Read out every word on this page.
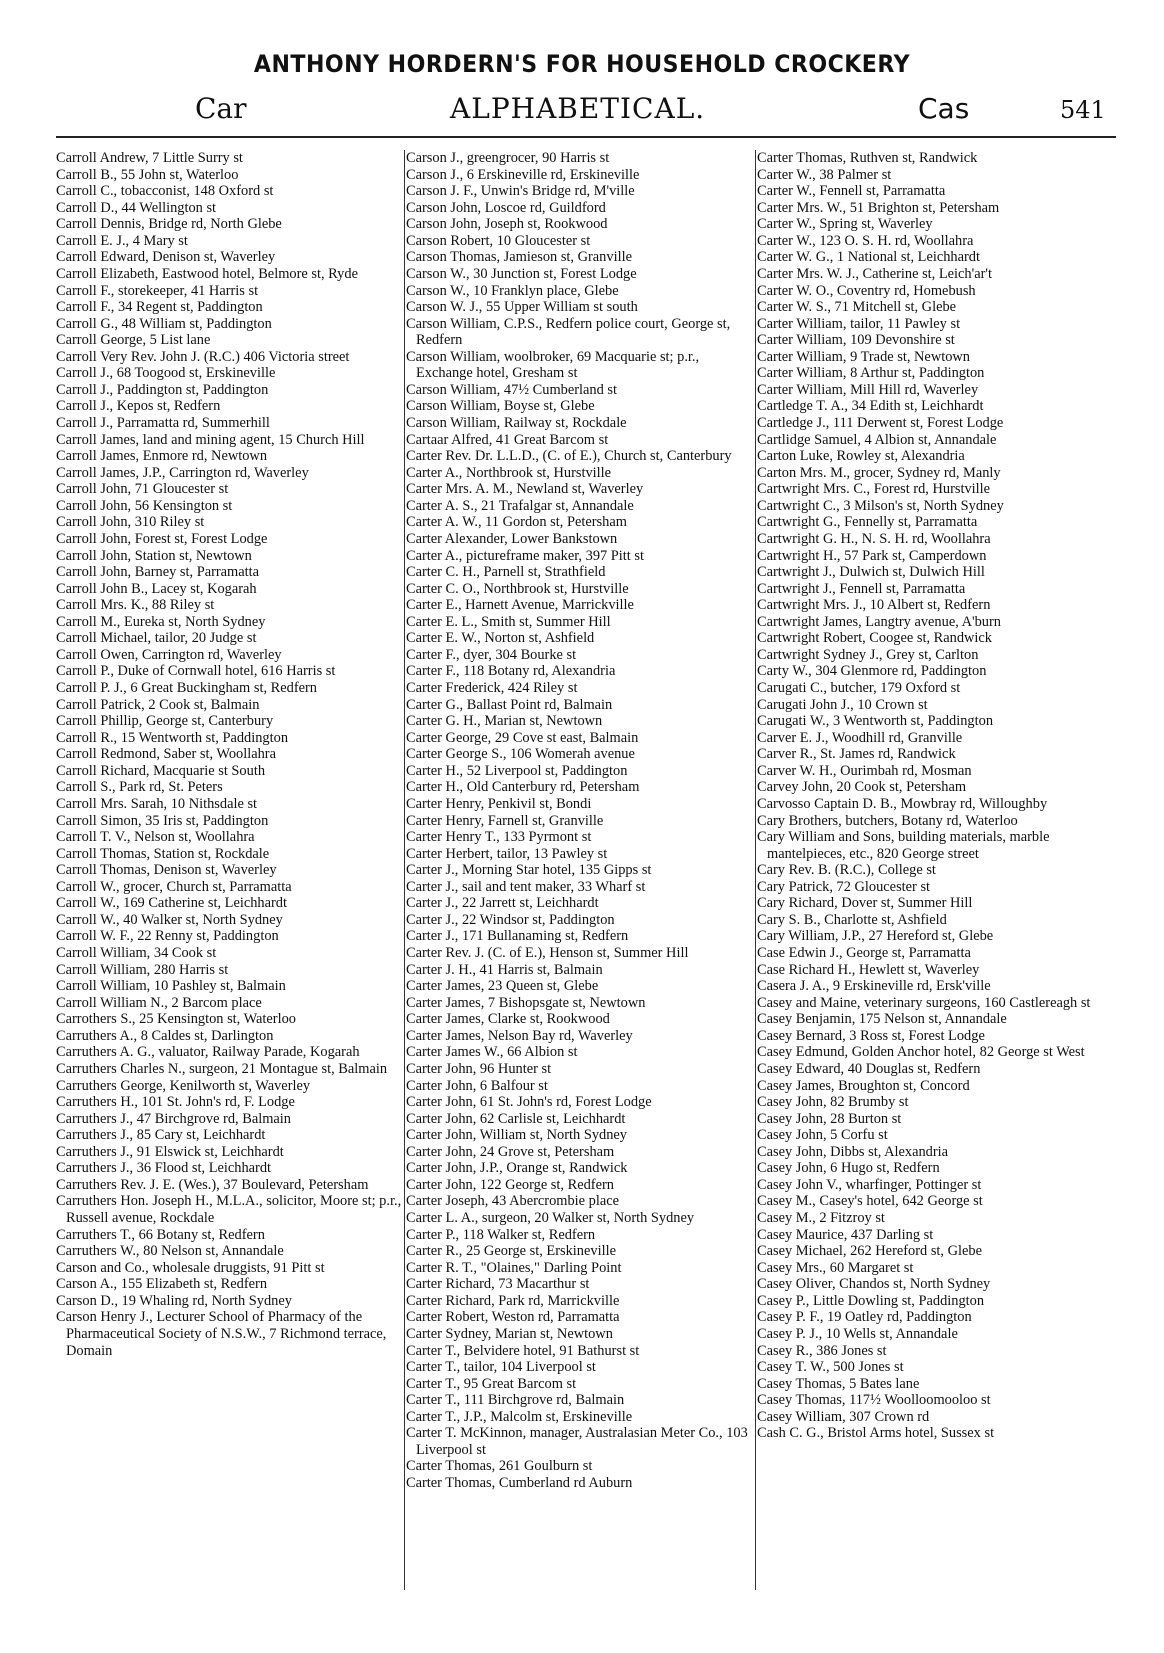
ANTHONY HORDERN'S FOR HOUSEHOLD CROCKERY
Car	ALPHABETICAL.	Cas	541

Carroll Andrew, 7 Little Surry st

Carroll B., 55 John st, Waterloo

Carroll C., tobacconist, 148 Oxford st

Carroll D., 44 Wellington st

Carroll Dennis, Bridge rd, North Glebe

Carroll E. J., 4 Mary st

Carroll Edward, Denison st, Waverley

Carroll Elizabeth, Eastwood hotel, Belmore st, Ryde

Carroll F., storekeeper, 41 Harris st

Carroll F., 34 Regent st, Paddington

Carroll G., 48 William st, Paddington

Carroll George, 5 List lane

Carroll Very Rev. John J. (R.C.) 406 Victoria street

Carroll J., 68 Toogood st, Erskineville

Carroll J., Paddington st, Paddington

Carroll J., Kepos st, Redfern

Carroll J., Parramatta rd, Summerhill

Carroll James, land and mining agent, 15 Church Hill

Carroll James, Enmore rd, Newtown

Carroll James, J.P., Carrington rd, Waverley

Carroll John, 71 Gloucester st

Carroll John, 56 Kensington st

Carroll John, 310 Riley st

Carroll John, Forest st, Forest Lodge

Carroll John, Station st, Newtown

Carroll John, Barney st, Parramatta

Carroll John B., Lacey st, Kogarah

Carroll Mrs. K., 88 Riley st

Carroll M., Eureka st, North Sydney

Carroll Michael, tailor, 20 Judge st

Carroll Owen, Carrington rd, Waverley

Carroll P., Duke of Cornwall hotel, 616 Harris st

Carroll P. J., 6 Great Buckingham st, Redfern

Carroll Patrick, 2 Cook st, Balmain

Carroll Phillip, George st, Canterbury

Carroll R., 15 Wentworth st, Paddington

Carroll Redmond, Saber st, Woollahra

Carroll Richard, Macquarie st South

Carroll S., Park rd, St. Peters

Carroll Mrs. Sarah, 10 Nithsdale st

Carroll Simon, 35 Iris st, Paddington

Carroll T. V., Nelson st, Woollahra

Carroll Thomas, Station st, Rockdale

Carroll Thomas, Denison st, Waverley

Carroll W., grocer, Church st, Parramatta

Carroll W., 169 Catherine st, Leichhardt

Carroll W., 40 Walker st, North Sydney

Carroll W. F., 22 Renny st, Paddington

Carroll William, 34 Cook st

Carroll William, 280 Harris st

Carroll William, 10 Pashley st, Balmain

Carroll William N., 2 Barcom place

Carrothers S., 25 Kensington st, Waterloo

Carruthers A., 8 Caldes st, Darlington

Carruthers A. G., valuator, Railway Parade, Kogarah

Carruthers Charles N., surgeon, 21 Montague st, Balmain

Carruthers George, Kenilworth st, Waverley

Carruthers H., 101 St. John's rd, F. Lodge

Carruthers J., 47 Birchgrove rd, Balmain

Carruthers J., 85 Cary st, Leichhardt

Carruthers J., 91 Elswick st, Leichhardt

Carruthers J., 36 Flood st, Leichhardt

Carruthers Rev. J. E. (Wes.), 37 Boulevard, Petersham

Carruthers Hon. Joseph H., M.L.A., solicitor, Moore st; p.r., Russell avenue, Rockdale

Carruthers T., 66 Botany st, Redfern

Carruthers W., 80 Nelson st, Annandale

Carson and Co., wholesale druggists, 91 Pitt st

Carson A., 155 Elizabeth st, Redfern

Carson D., 19 Whaling rd, North Sydney

Carson Henry J., Lecturer School of Pharmacy of the Pharmaceutical Society of N.S.W., 7 Richmond terrace, Domain

Carson J., greengrocer, 90 Harris st

Carson J., 6 Erskineville rd, Erskineville

Carson J. F., Unwin's Bridge rd, M'ville

Carson John, Loscoe rd, Guildford

Carson John, Joseph st, Rookwood

Carson Robert, 10 Gloucester st

Carson Thomas, Jamieson st, Granville

Carson W., 30 Junction st, Forest Lodge

Carson W., 10 Franklyn place, Glebe

Carson W. J., 55 Upper William st south

Carson William, C.P.S., Redfern police court, George st, Redfern

Carson William, woolbroker, 69 Macquarie st; p.r., Exchange hotel, Gresham st

Carson William, 47½ Cumberland st

Carson William, Boyse st, Glebe

Carson William, Railway st, Rockdale

Cartaar Alfred, 41 Great Barcom st

Carter Rev. Dr. L.L.D., (C. of E.), Church st, Canterbury

Carter A., Northbrook st, Hurstville

Carter Mrs. A. M., Newland st, Waverley

Carter A. S., 21 Trafalgar st, Annandale

Carter A. W., 11 Gordon st, Petersham

Carter Alexander, Lower Bankstown

Carter A., pictureframe maker, 397 Pitt st

Carter C. H., Parnell st, Strathfield

Carter C. O., Northbrook st, Hurstville

Carter E., Harnett Avenue, Marrickville

Carter E. L., Smith st, Summer Hill

Carter E. W., Norton st, Ashfield

Carter F., dyer, 304 Bourke st

Carter F., 118 Botany rd, Alexandria

Carter Frederick, 424 Riley st

Carter G., Ballast Point rd, Balmain

Carter G. H., Marian st, Newtown

Carter George, 29 Cove st east, Balmain

Carter George S., 106 Womerah avenue

Carter H., 52 Liverpool st, Paddington

Carter H., Old Canterbury rd, Petersham

Carter Henry, Penkivil st, Bondi

Carter Henry, Farnell st, Granville

Carter Henry T., 133 Pyrmont st

Carter Herbert, tailor, 13 Pawley st

Carter J., Morning Star hotel, 135 Gipps st

Carter J., sail and tent maker, 33 Wharf st

Carter J., 22 Jarrett st, Leichhardt

Carter J., 22 Windsor st, Paddington

Carter J., 171 Bullanaming st, Redfern

Carter Rev. J. (C. of E.), Henson st, Summer Hill

Carter J. H., 41 Harris st, Balmain

Carter James, 23 Queen st, Glebe

Carter James, 7 Bishopsgate st, Newtown

Carter James, Clarke st, Rookwood

Carter James, Nelson Bay rd, Waverley

Carter James W., 66 Albion st

Carter John, 96 Hunter st

Carter John, 6 Balfour st

Carter John, 61 St. John's rd, Forest Lodge

Carter John, 62 Carlisle st, Leichhardt

Carter John, William st, North Sydney

Carter John, 24 Grove st, Petersham

Carter John, J.P., Orange st, Randwick

Carter John, 122 George st, Redfern

Carter Joseph, 43 Abercrombie place

Carter L. A., surgeon, 20 Walker st, North Sydney

Carter P., 118 Walker st, Redfern

Carter R., 25 George st, Erskineville

Carter R. T., "Olaines," Darling Point

Carter Richard, 73 Macarthur st

Carter Richard, Park rd, Marrickville

Carter Robert, Weston rd, Parramatta

Carter Sydney, Marian st, Newtown

Carter T., Belvidere hotel, 91 Bathurst st

Carter T., tailor, 104 Liverpool st

Carter T., 95 Great Barcom st

Carter T., 111 Birchgrove rd, Balmain

Carter T., J.P., Malcolm st, Erskineville

Carter T. McKinnon, manager, Australasian Meter Co., 103 Liverpool st

Carter Thomas, 261 Goulburn st

Carter Thomas, Cumberland rd Auburn

Carter Thomas, Ruthven st, Randwick

Carter W., 38 Palmer st

Carter W., Fennell st, Parramatta

Carter Mrs. W., 51 Brighton st, Petersham

Carter W., Spring st, Waverley

Carter W., 123 O. S. H. rd, Woollahra

Carter W. G., 1 National st, Leichhardt

Carter Mrs. W. J., Catherine st, Leich'ar't

Carter W. O., Coventry rd, Homebush

Carter W. S., 71 Mitchell st, Glebe

Carter William, tailor, 11 Pawley st

Carter William, 109 Devonshire st

Carter William, 9 Trade st, Newtown

Carter William, 8 Arthur st, Paddington

Carter William, Mill Hill rd, Waverley

Cartledge T. A., 34 Edith st, Leichhardt

Cartledge J., 111 Derwent st, Forest Lodge

Cartlidge Samuel, 4 Albion st, Annandale

Carton Luke, Rowley st, Alexandria

Carton Mrs. M., grocer, Sydney rd, Manly

Cartwright Mrs. C., Forest rd, Hurstville

Cartwright C., 3 Milson's st, North Sydney

Cartwright G., Fennelly st, Parramatta

Cartwright G. H., N. S. H. rd, Woollahra

Cartwright H., 57 Park st, Camperdown

Cartwright J., Dulwich st, Dulwich Hill

Cartwright J., Fennell st, Parramatta

Cartwright Mrs. J., 10 Albert st, Redfern

Cartwright James, Langtry avenue, A'burn

Cartwright Robert, Coogee st, Randwick

Cartwright Sydney J., Grey st, Carlton

Carty W., 304 Glenmore rd, Paddington

Carugati C., butcher, 179 Oxford st

Carugati John J., 10 Crown st

Carugati W., 3 Wentworth st, Paddington

Carver E. J., Woodhill rd, Granville

Carver R., St. James rd, Randwick

Carver W. H., Ourimbah rd, Mosman

Carvey John, 20 Cook st, Petersham

Carvosso Captain D. B., Mowbray rd, Willoughby

Cary Brothers, butchers, Botany rd, Waterloo

Cary William and Sons, building materials, marble mantelpieces, etc., 820 George street

Cary Rev. B. (R.C.), College st

Cary Patrick, 72 Gloucester st

Cary Richard, Dover st, Summer Hill

Cary S. B., Charlotte st, Ashfield

Cary William, J.P., 27 Hereford st, Glebe

Case Edwin J., George st, Parramatta

Case Richard H., Hewlett st, Waverley

Casera J. A., 9 Erskineville rd, Ersk'ville

Casey and Maine, veterinary surgeons, 160 Castlereagh st

Casey Benjamin, 175 Nelson st, Annandale

Casey Bernard, 3 Ross st, Forest Lodge

Casey Edmund, Golden Anchor hotel, 82 George st West

Casey Edward, 40 Douglas st, Redfern

Casey James, Broughton st, Concord

Casey John, 82 Brumby st

Casey John, 28 Burton st

Casey John, 5 Corfu st

Casey John, Dibbs st, Alexandria

Casey John, 6 Hugo st, Redfern

Casey John V., wharfinger, Pottinger st

Casey M., Casey's hotel, 642 George st

Casey M., 2 Fitzroy st

Casey Maurice, 437 Darling st

Casey Michael, 262 Hereford st, Glebe

Casey Mrs., 60 Margaret st

Casey Oliver, Chandos st, North Sydney

Casey P., Little Dowling st, Paddington

Casey P. F., 19 Oatley rd, Paddington

Casey P. J., 10 Wells st, Annandale

Casey R., 386 Jones st

Casey T. W., 500 Jones st

Casey Thomas, 5 Bates lane

Casey Thomas, 117½ Woolloomooloo st

Casey William, 307 Crown rd

Cash C. G., Bristol Arms hotel, Sussex st
